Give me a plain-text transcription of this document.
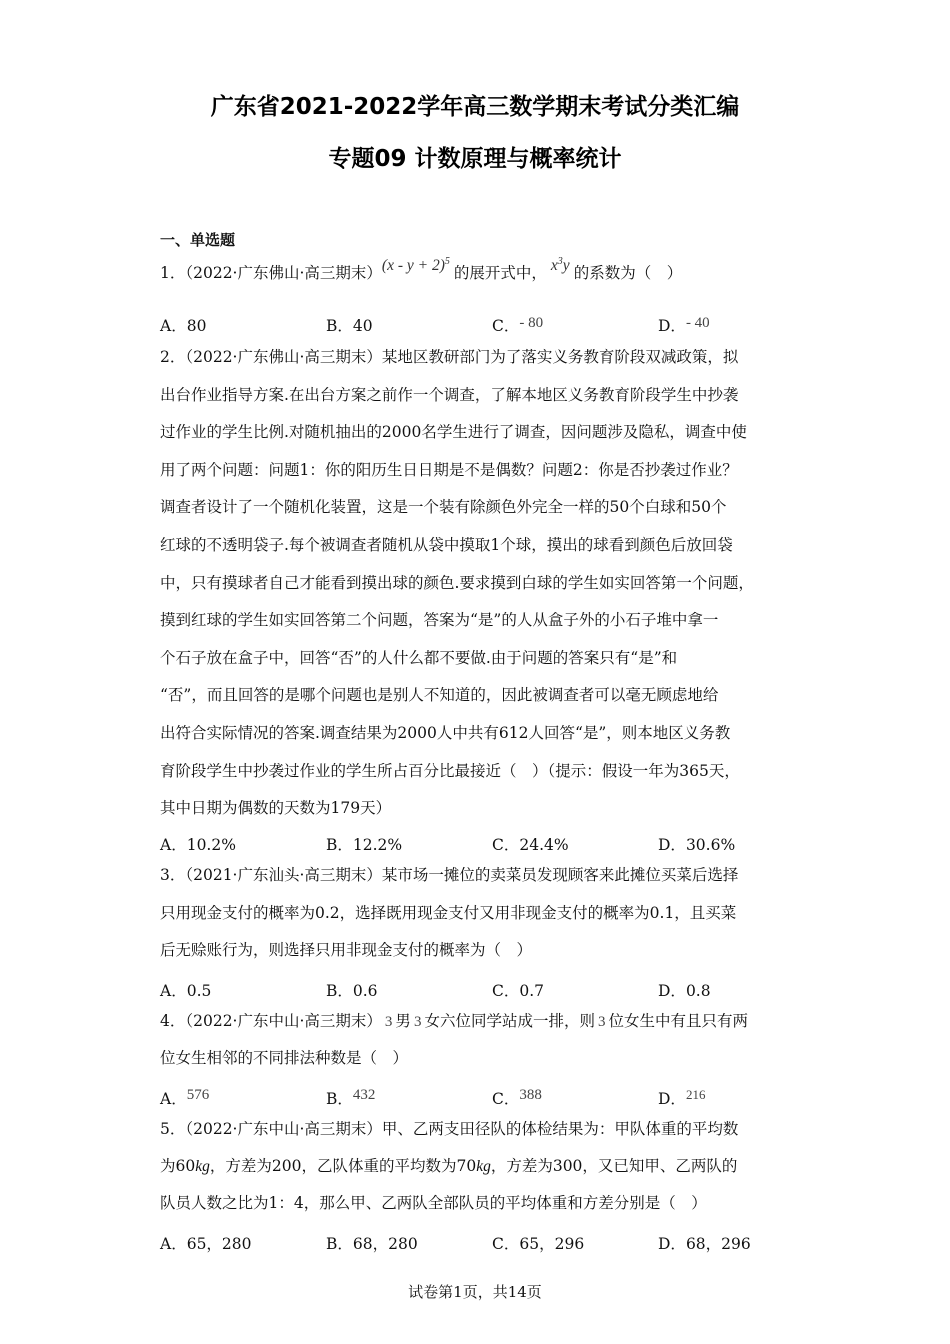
广东省2021-2022学年高三数学期末考试分类汇编
专题09 计数原理与概率统计
一、单选题
1．（2022·广东佛山·高三期末）$(x - y + 2)^5$的展开式中， $x^3y$ 的系数为（　）
A．80	B．40	C．- 80	D．- 40
2．（2022·广东佛山·高三期末）某地区教研部门为了落实义务教育阶段双减政策，拟
出台作业指导方案.在出台方案之前作一个调查，了解本地区义务教育阶段学生中抄袭
过作业的学生比例.对随机抽出的2000名学生进行了调查，因问题涉及隐私，调查中使
用了两个问题：问题1：你的阳历生日日期是不是偶数？问题2：你是否抄袭过作业？
调查者设计了一个随机化装置，这是一个装有除颜色外完全一样的50个白球和50个
红球的不透明袋子.每个被调查者随机从袋中摸取1个球，摸出的球看到颜色后放回袋
中，只有摸球者自己才能看到摸出球的颜色.要求摸到白球的学生如实回答第一个问题，
摸到红球的学生如实回答第二个问题，答案为“是”的人从盒子外的小石子堆中拿一
个石子放在盒子中，回答“否”的人什么都不要做.由于问题的答案只有“是”和
“否”，而且回答的是哪个问题也是别人不知道的，因此被调查者可以毫无顾虑地给
出符合实际情况的答案.调查结果为2000人中共有612人回答“是”，则本地区义务教
育阶段学生中抄袭过作业的学生所占百分比最接近（　）（提示：假设一年为365天，
其中日期为偶数的天数为179天）
A．10.2%	B．12.2%	C．24.4%	D．30.6%
3．（2021·广东汕头·高三期末）某市场一摊位的卖菜员发现顾客来此摊位买菜后选择
只用现金支付的概率为0.2，选择既用现金支付又用非现金支付的概率为0.1，且买菜
后无赊账行为，则选择只用非现金支付的概率为（　）
A．0.5	B．0.6	C．0.7	D．0.8
4．（2022·广东中山·高三期末） 3 男 3 女六位同学站成一排，则 3 位女生中有且只有两
位女生相邻的不同排法种数是（　）
A．576	B．432	C．388	D．$^{216}$
5．（2022·广东中山·高三期末）甲、乙两支田径队的体检结果为：甲队体重的平均数
为60kg，方差为200，乙队体重的平均数为70kg，方差为300，又已知甲、乙两队的
队员人数之比为1：4，那么甲、乙两队全部队员的平均体重和方差分别是（　）
A．65，280	B．68，280	C．65，296	D．68，296
试卷第1页，共14页
